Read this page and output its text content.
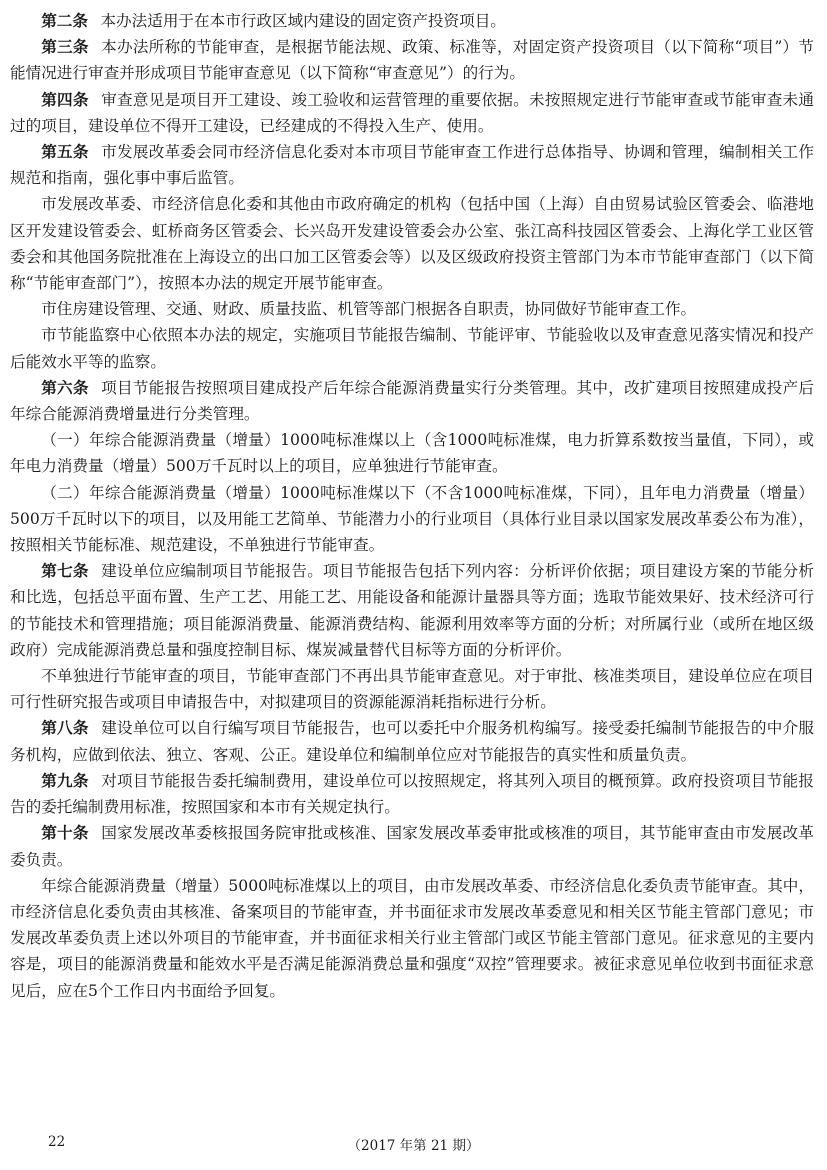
第二条 本办法适用于在本市行政区域内建设的固定资产投资项目。

第三条 本办法所称的节能审查，是根据节能法规、政策、标准等，对固定资产投资项目（以下简称“项目”）节能情况进行审查并形成项目节能审查意见（以下简称“审查意见”）的行为。

第四条 审查意见是项目开工建设、竣工验收和运营管理的重要依据。未按照规定进行节能审查或节能审查未通过的项目，建设单位不得开工建设，已经建成的不得投入生产、使用。

第五条 市发展改革委会同市经济信息化委对本市项目节能审查工作进行总体指导、协调和管理，编制相关工作规范和指南，强化事中事后监管。

市发展改革委、市经济信息化委和其他由市政府确定的机构（包括中国（上海）自由贸易试验区管委会、临港地区开发建设管委会、虹桥商务区管委会、长兴岛开发建设管委会办公室、张江高科技园区管委会、上海化学工业区管委会和其他国务院批准在上海设立的出口加工区管委会等）以及区级政府投资主管部门为本市节能审查部门（以下简称“节能审查部门”），按照本办法的规定开展节能审查。

市住房建设管理、交通、财政、质量技监、机管等部门根据各自职责，协同做好节能审查工作。

市节能监察中心依照本办法的规定，实施项目节能报告编制、节能评审、节能验收以及审查意见落实情况和投产后能效水平等的监察。

第六条 项目节能报告按照项目建成投产后年综合能源消费量实行分类管理。其中，改扩建项目按照建成投产后年综合能源消费增量进行分类管理。

（一）年综合能源消费量（增量）1000吨标准煤以上（含1000吨标准煤，电力折算系数按当量值，下同），或年电力消费量（增量）500万千瓦时以上的项目，应单独进行节能审查。

（二）年综合能源消费量（增量）1000吨标准煤以下（不含1000吨标准煤，下同），且年电力消费量（增量）500万千瓦时以下的项目，以及用能工艺简单、节能潜力小的行业项目（具体行业目录以国家发展改革委公布为准），按照相关节能标准、规范建设，不单独进行节能审查。

第七条 建设单位应编制项目节能报告。项目节能报告包括下列内容：分析评价依据；项目建设方案的节能分析和比选，包括总平面布置、生产工艺、用能工艺、用能设备和能源计量器具等方面；选取节能效果好、技术经济可行的节能技术和管理措施；项目能源消费量、能源消费结构、能源利用效率等方面的分析；对所属行业（或所在地区级政府）完成能源消费总量和强度控制目标、煤炭减量替代目标等方面的分析评价。

不单独进行节能审查的项目，节能审查部门不再出具节能审查意见。对于审批、核准类项目，建设单位应在项目可行性研究报告或项目申请报告中，对拟建项目的资源能源消耗指标进行分析。

第八条 建设单位可以自行编写项目节能报告，也可以委托中介服务机构编写。接受委托编制节能报告的中介服务机构，应做到依法、独立、客观、公正。建设单位和编制单位应对节能报告的真实性和质量负责。

第九条 对项目节能报告委托编制费用，建设单位可以按照规定，将其列入项目的概预算。政府投资项目节能报告的委托编制费用标准，按照国家和本市有关规定执行。

第十条 国家发展改革委核报国务院审批或核准、国家发展改革委审批或核准的项目，其节能审查由市发展改革委负责。

年综合能源消费量（增量）5000吨标准煤以上的项目，由市发展改革委、市经济信息化委负责节能审查。其中，市经济信息化委负责由其核准、备案项目的节能审查，并书面征求市发展改革委意见和相关区节能主管部门意见；市发展改革委负责上述以外项目的节能审查，并书面征求相关行业主管部门或区节能主管部门意见。征求意见的主要内容是，项目的能源消费量和能效水平是否满足能源消费总量和强度“双控”管理要求。被征求意见单位收到书面征求意见后，应在5个工作日内书面给予回复。

22	（2017 年第 21 期）
